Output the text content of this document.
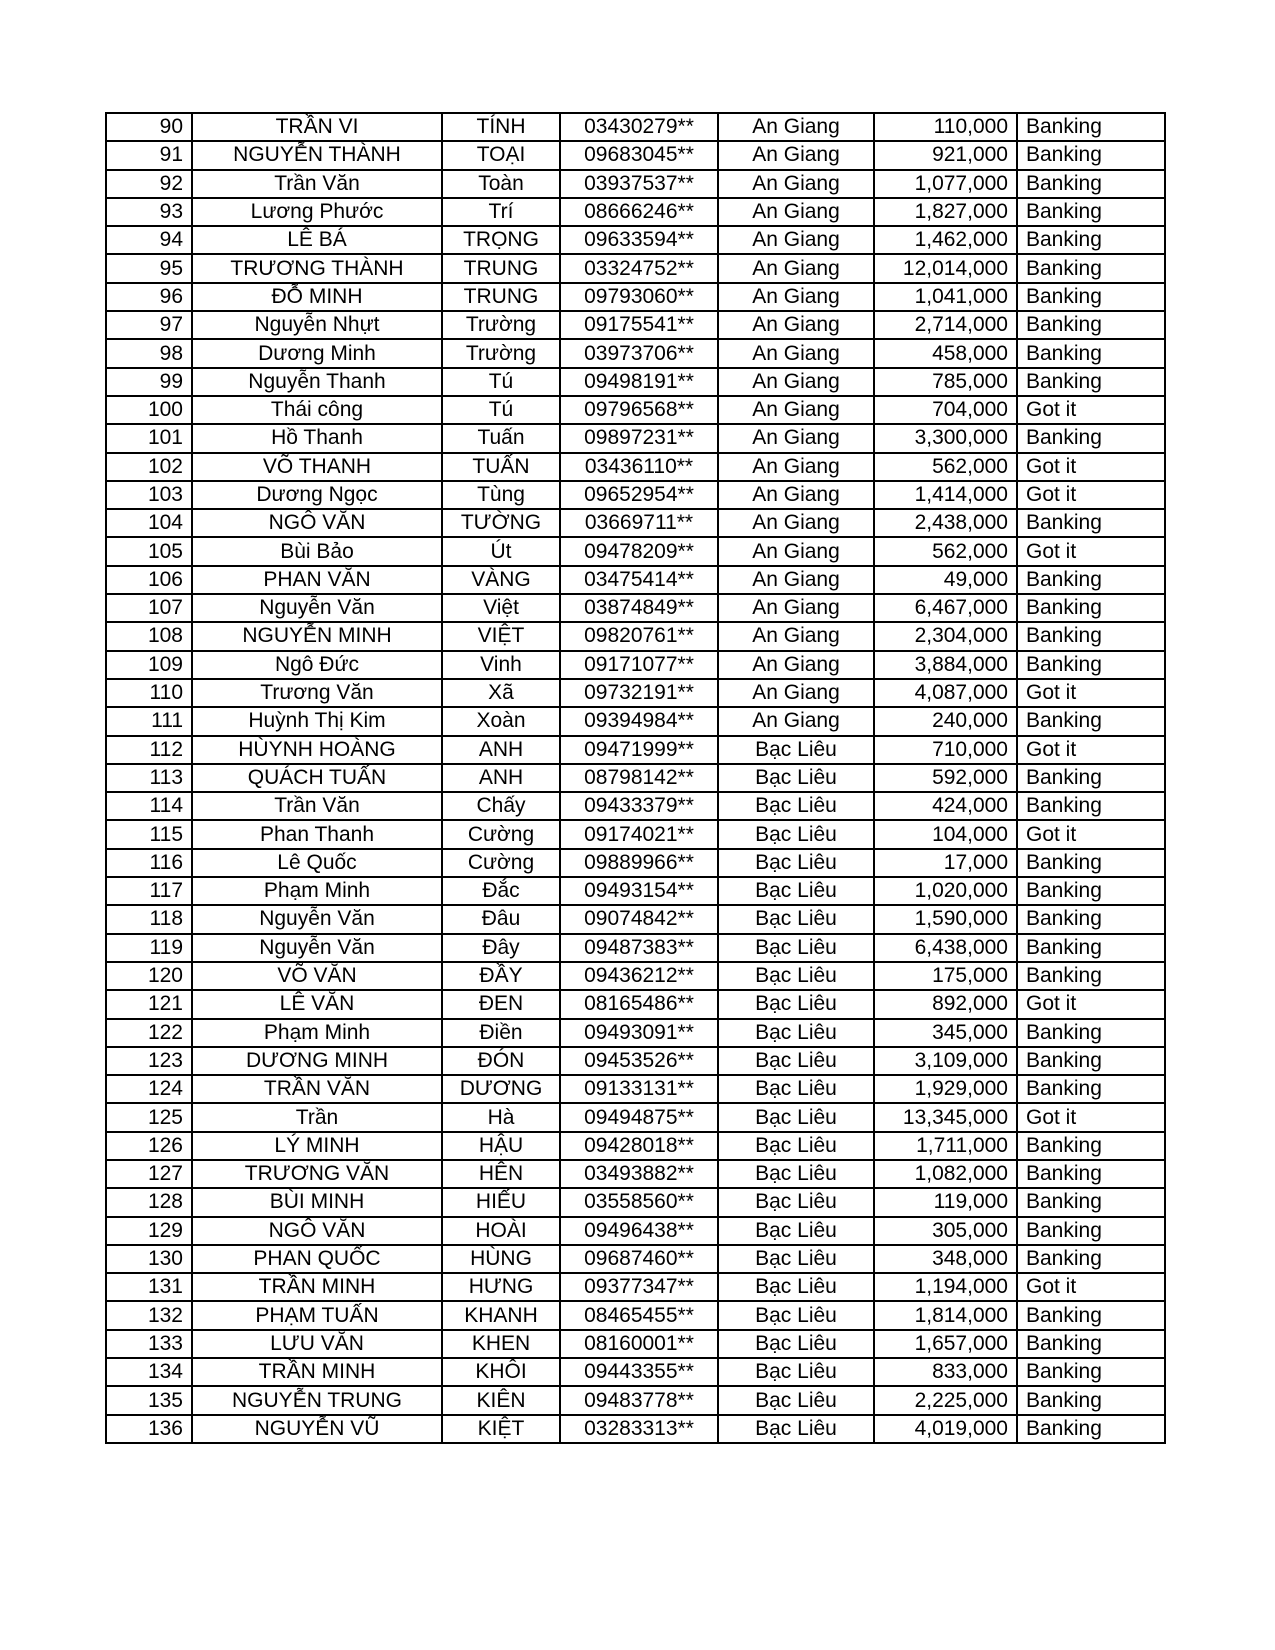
90	TRẦN VI	TÍNH	03430279**	An Giang	110,000	Banking
91	NGUYỄN THÀNH	TOẠI	09683045**	An Giang	921,000	Banking
92	Trần Văn	Toàn	03937537**	An Giang	1,077,000	Banking
93	Lương Phước	Trí	08666246**	An Giang	1,827,000	Banking
94	LÊ BÁ	TRỌNG	09633594**	An Giang	1,462,000	Banking
95	TRƯƠNG THÀNH	TRUNG	03324752**	An Giang	12,014,000	Banking
96	ĐỖ MINH	TRUNG	09793060**	An Giang	1,041,000	Banking
97	Nguyễn Nhựt	Trường	09175541**	An Giang	2,714,000	Banking
98	Dương Minh	Trường	03973706**	An Giang	458,000	Banking
99	Nguyễn Thanh	Tú	09498191**	An Giang	785,000	Banking
100	Thái công	Tú	09796568**	An Giang	704,000	Got it
101	Hồ Thanh	Tuấn	09897231**	An Giang	3,300,000	Banking
102	VÕ THANH	TUẤN	03436110**	An Giang	562,000	Got it
103	Dương Ngọc	Tùng	09652954**	An Giang	1,414,000	Got it
104	NGÔ VĂN	TƯỜNG	03669711**	An Giang	2,438,000	Banking
105	Bùi Bảo	Út	09478209**	An Giang	562,000	Got it
106	PHAN VĂN	VÀNG	03475414**	An Giang	49,000	Banking
107	Nguyễn Văn	Việt	03874849**	An Giang	6,467,000	Banking
108	NGUYỄN MINH	VIỆT	09820761**	An Giang	2,304,000	Banking
109	Ngô Đức	Vinh	09171077**	An Giang	3,884,000	Banking
110	Trương Văn	Xã	09732191**	An Giang	4,087,000	Got it
111	Huỳnh Thị Kim	Xoàn	09394984**	An Giang	240,000	Banking
112	HÙYNH HOÀNG	ANH	09471999**	Bạc Liêu	710,000	Got it
113	QUÁCH TUẤN	ANH	08798142**	Bạc Liêu	592,000	Banking
114	Trần Văn	Chấy	09433379**	Bạc Liêu	424,000	Banking
115	Phan Thanh	Cường	09174021**	Bạc Liêu	104,000	Got it
116	Lê Quốc	Cường	09889966**	Bạc Liêu	17,000	Banking
117	Phạm Minh	Đắc	09493154**	Bạc Liêu	1,020,000	Banking
118	Nguyễn Văn	Đâu	09074842**	Bạc Liêu	1,590,000	Banking
119	Nguyễn Văn	Đây	09487383**	Bạc Liêu	6,438,000	Banking
120	VÕ VĂN	ĐẦY	09436212**	Bạc Liêu	175,000	Banking
121	LÊ VĂN	ĐEN	08165486**	Bạc Liêu	892,000	Got it
122	Phạm Minh	Điền	09493091**	Bạc Liêu	345,000	Banking
123	DƯƠNG MINH	ĐÓN	09453526**	Bạc Liêu	3,109,000	Banking
124	TRẦN VĂN	DƯƠNG	09133131**	Bạc Liêu	1,929,000	Banking
125	Trần	Hà	09494875**	Bạc Liêu	13,345,000	Got it
126	LÝ MINH	HẬU	09428018**	Bạc Liêu	1,711,000	Banking
127	TRƯƠNG VĂN	HÊN	03493882**	Bạc Liêu	1,082,000	Banking
128	BÙI MINH	HIẾU	03558560**	Bạc Liêu	119,000	Banking
129	NGÔ VĂN	HOÀI	09496438**	Bạc Liêu	305,000	Banking
130	PHAN QUỐC	HÙNG	09687460**	Bạc Liêu	348,000	Banking
131	TRẦN MINH	HƯNG	09377347**	Bạc Liêu	1,194,000	Got it
132	PHẠM TUẤN	KHANH	08465455**	Bạc Liêu	1,814,000	Banking
133	LƯU VĂN	KHEN	08160001**	Bạc Liêu	1,657,000	Banking
134	TRẦN MINH	KHÔI	09443355**	Bạc Liêu	833,000	Banking
135	NGUYỄN TRUNG	KIÊN	09483778**	Bạc Liêu	2,225,000	Banking
136	NGUYỄN VŨ	KIỆT	03283313**	Bạc Liêu	4,019,000	Banking
